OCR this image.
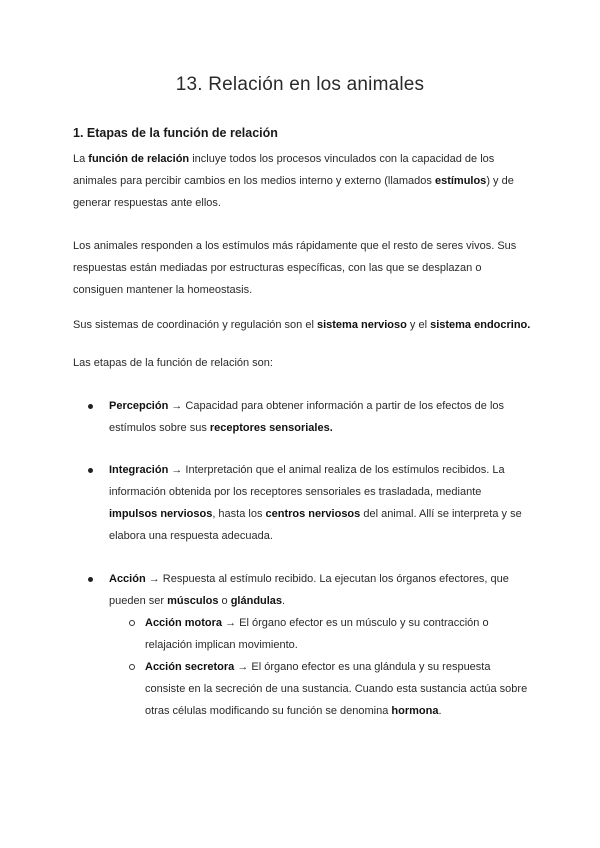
13. Relación en los animales
1. Etapas de la función de relación
La función de relación incluye todos los procesos vinculados con la capacidad de los animales para percibir cambios en los medios interno y externo (llamados estímulos) y de generar respuestas ante ellos.
Los animales responden a los estímulos más rápidamente que el resto de seres vivos. Sus respuestas están mediadas por estructuras específicas, con las que se desplazan o consiguen mantener la homeostasis.
Sus sistemas de coordinación y regulación son el sistema nervioso y el sistema endocrino.
Las etapas de la función de relación son:
Percepción → Capacidad para obtener información a partir de los efectos de los estímulos sobre sus receptores sensoriales.
Integración → Interpretación que el animal realiza de los estímulos recibidos. La información obtenida por los receptores sensoriales es trasladada, mediante impulsos nerviosos, hasta los centros nerviosos del animal. Allí se interpreta y se elabora una respuesta adecuada.
Acción → Respuesta al estímulo recibido. La ejecutan los órganos efectores, que pueden ser músculos o glándulas.
Acción motora → El órgano efector es un músculo y su contracción o relajación implican movimiento.
Acción secretora → El órgano efector es una glándula y su respuesta consiste en la secreción de una sustancia. Cuando esta sustancia actúa sobre otras células modificando su función se denomina hormona.
